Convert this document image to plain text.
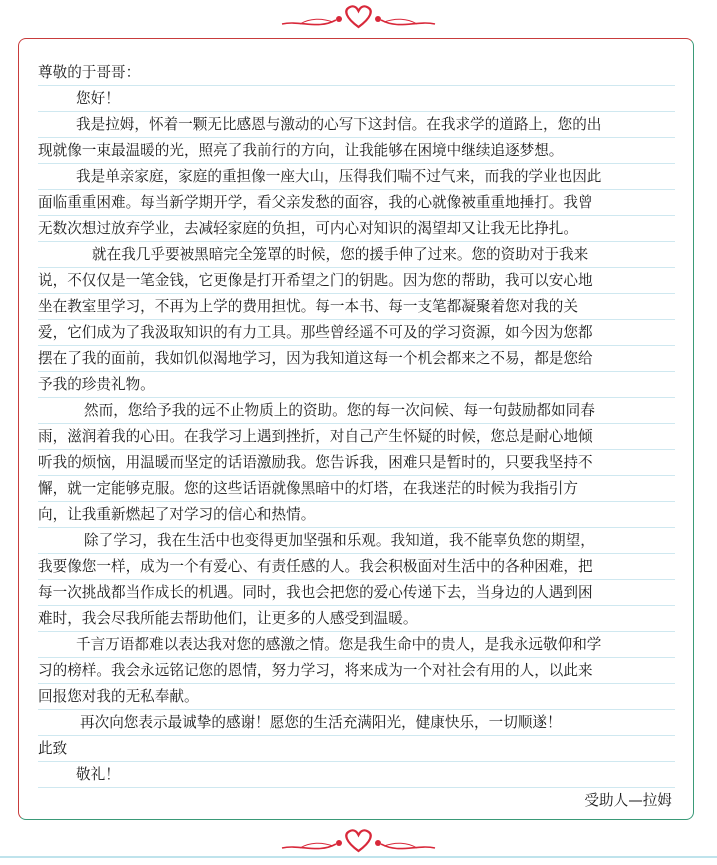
尊敬的于哥哥：
您好！
我是拉姆，怀着一颗无比感恩与激动的心写下这封信。在我求学的道路上，您的出
现就像一束最温暖的光，照亮了我前行的方向，让我能够在困境中继续追逐梦想。
我是单亲家庭，家庭的重担像一座大山，压得我们喘不过气来，而我的学业也因此
面临重重困难。每当新学期开学，看父亲发愁的面容，我的心就像被重重地捶打。我曾
无数次想过放弃学业，去减轻家庭的负担，可内心对知识的渴望却又让我无比挣扎。
就在我几乎要被黑暗完全笼罩的时候，您的援手伸了过来。您的资助对于我来
说，不仅仅是一笔金钱，它更像是打开希望之门的钥匙。因为您的帮助，我可以安心地
坐在教室里学习，不再为上学的费用担忧。每一本书、每一支笔都凝聚着您对我的关
爱，它们成为了我汲取知识的有力工具。那些曾经遥不可及的学习资源，如今因为您都
摆在了我的面前，我如饥似渴地学习，因为我知道这每一个机会都来之不易，都是您给
予我的珍贵礼物。
然而，您给予我的远不止物质上的资助。您的每一次问候、每一句鼓励都如同春
雨，滋润着我的心田。在我学习上遇到挫折，对自己产生怀疑的时候，您总是耐心地倾
听我的烦恼，用温暖而坚定的话语激励我。您告诉我，困难只是暂时的，只要我坚持不
懈，就一定能够克服。您的这些话语就像黑暗中的灯塔，在我迷茫的时候为我指引方
向，让我重新燃起了对学习的信心和热情。
除了学习，我在生活中也变得更加坚强和乐观。我知道，我不能辜负您的期望，
我要像您一样，成为一个有爱心、有责任感的人。我会积极面对生活中的各种困难，把
每一次挑战都当作成长的机遇。同时，我也会把您的爱心传递下去，当身边的人遇到困
难时，我会尽我所能去帮助他们，让更多的人感受到温暖。
千言万语都难以表达我对您的感激之情。您是我生命中的贵人，是我永远敬仰和学
习的榜样。我会永远铭记您的恩情，努力学习，将来成为一个对社会有用的人，以此来
回报您对我的无私奉献。
再次向您表示最诚挚的感谢！愿您的生活充满阳光，健康快乐，一切顺遂！
此致
敬礼！
受助人—拉姆
